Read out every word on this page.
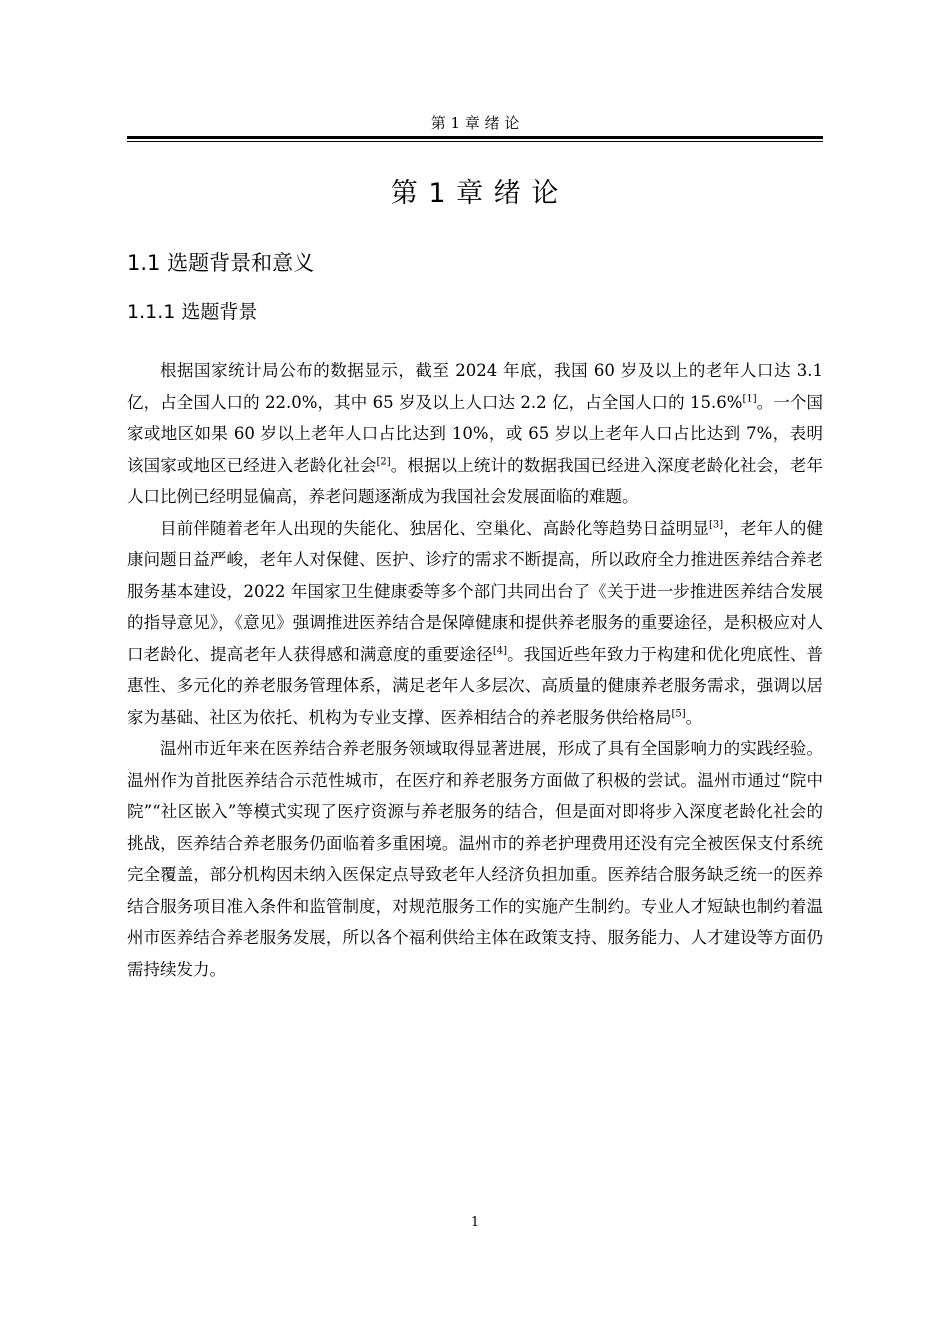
第 1 章 绪 论
第 1 章 绪 论
1.1 选题背景和意义
1.1.1 选题背景

根据国家统计局公布的数据显示，截至 2024 年底，我国 60 岁及以上的老年人口达 3.1 亿，占全国人口的 22.0%，其中 65 岁及以上人口达 2.2 亿，占全国人口的 15.6%[1]。一个国家或地区如果 60 岁以上老年人口占比达到 10%，或 65 岁以上老年人口占比达到 7%，表明该国家或地区已经进入老龄化社会[2]。根据以上统计的数据我国已经进入深度老龄化社会，老年人口比例已经明显偏高，养老问题逐渐成为我国社会发展面临的难题。

目前伴随着老年人出现的失能化、独居化、空巢化、高龄化等趋势日益明显[3]，老年人的健康问题日益严峻，老年人对保健、医护、诊疗的需求不断提高，所以政府全力推进医养结合养老服务基本建设，2022 年国家卫生健康委等多个部门共同出台了《关于进一步推进医养结合发展的指导意见》，《意见》强调推进医养结合是保障健康和提供养老服务的重要途径，是积极应对人口老龄化、提高老年人获得感和满意度的重要途径[4]。我国近些年致力于构建和优化兜底性、普惠性、多元化的养老服务管理体系，满足老年人多层次、高质量的健康养老服务需求，强调以居家为基础、社区为依托、机构为专业支撑、医养相结合的养老服务供给格局[5]。

温州市近年来在医养结合养老服务领域取得显著进展，形成了具有全国影响力的实践经验。温州作为首批医养结合示范性城市，在医疗和养老服务方面做了积极的尝试。温州市通过“院中院”“社区嵌入”等模式实现了医疗资源与养老服务的结合，但是面对即将步入深度老龄化社会的挑战，医养结合养老服务仍面临着多重困境。温州市的养老护理费用还没有完全被医保支付系统完全覆盖，部分机构因未纳入医保定点导致老年人经济负担加重。医养结合服务缺乏统一的医养结合服务项目准入条件和监管制度，对规范服务工作的实施产生制约。专业人才短缺也制约着温州市医养结合养老服务发展，所以各个福利供给主体在政策支持、服务能力、人才建设等方面仍需持续发力。

1
